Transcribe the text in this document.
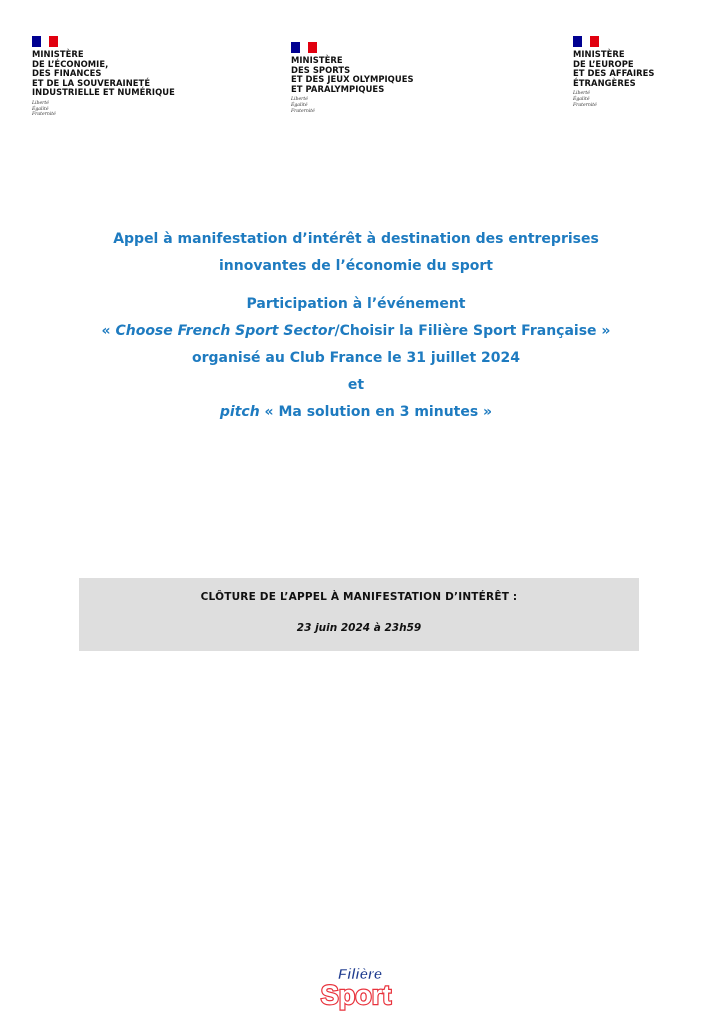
MINISTÈRE
DE L’ÉCONOMIE,
DES FINANCES
ET DE LA SOUVERAINETÉ
INDUSTRIELLE ET NUMÉRIQUE
Liberté
Égalité
Fraternité
MINISTÈRE
DES SPORTS
ET DES JEUX OLYMPIQUES
ET PARALYMPIQUES
Liberté
Égalité
Fraternité
MINISTÈRE
DE L’EUROPE
ET DES AFFAIRES
ÉTRANGÈRES
Liberté
Égalité
Fraternité
Appel à manifestation d’intérêt à destination des entreprises
innovantes de l’économie du sport
Participation à l’événement
« Choose French Sport Sector/Choisir la Filière Sport Française »
organisé au Club France le 31 juillet 2024
et
pitch « Ma solution en 3 minutes »
CLÔTURE DE L’APPEL À MANIFESTATION D’INTÉRÊT :
23 juin 2024 à 23h59
Filière
Sport
